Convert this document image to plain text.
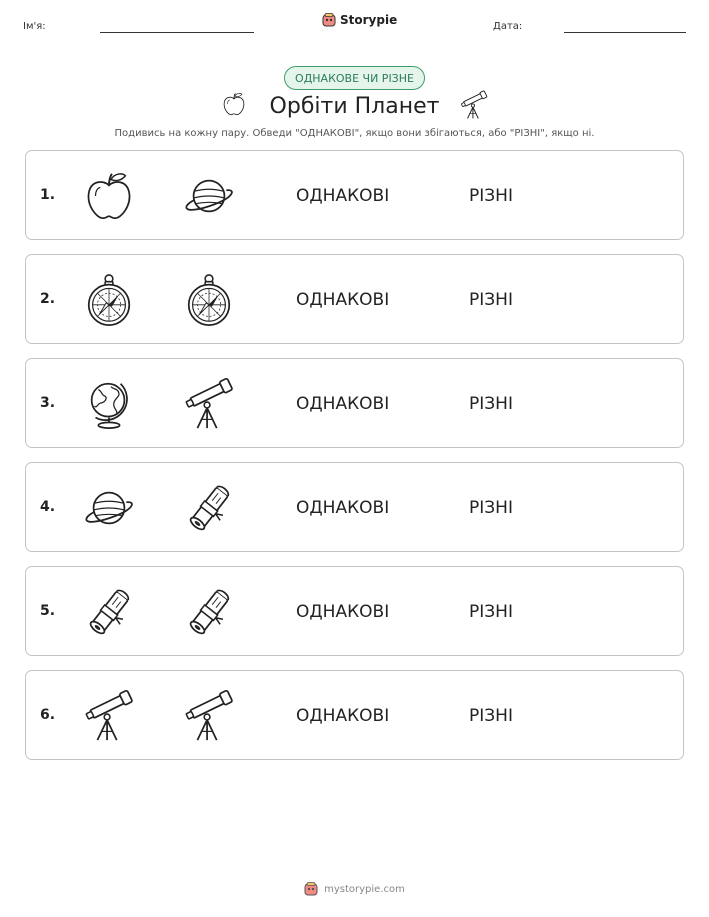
Ім'я:	Storypie	Дата:
ОДНАКОВЕ ЧИ РІЗНЕ
Орбіти Планет
Подивись на кожну пару. Обведи "ОДНАКОВІ", якщо вони збігаються, або "РІЗНІ", якщо ні.
1.	ОДНАКОВІ	РІЗНІ
2.	ОДНАКОВІ	РІЗНІ
3.	ОДНАКОВІ	РІЗНІ
4.	ОДНАКОВІ	РІЗНІ
5.	ОДНАКОВІ	РІЗНІ
6.	ОДНАКОВІ	РІЗНІ
mystorypie.com
